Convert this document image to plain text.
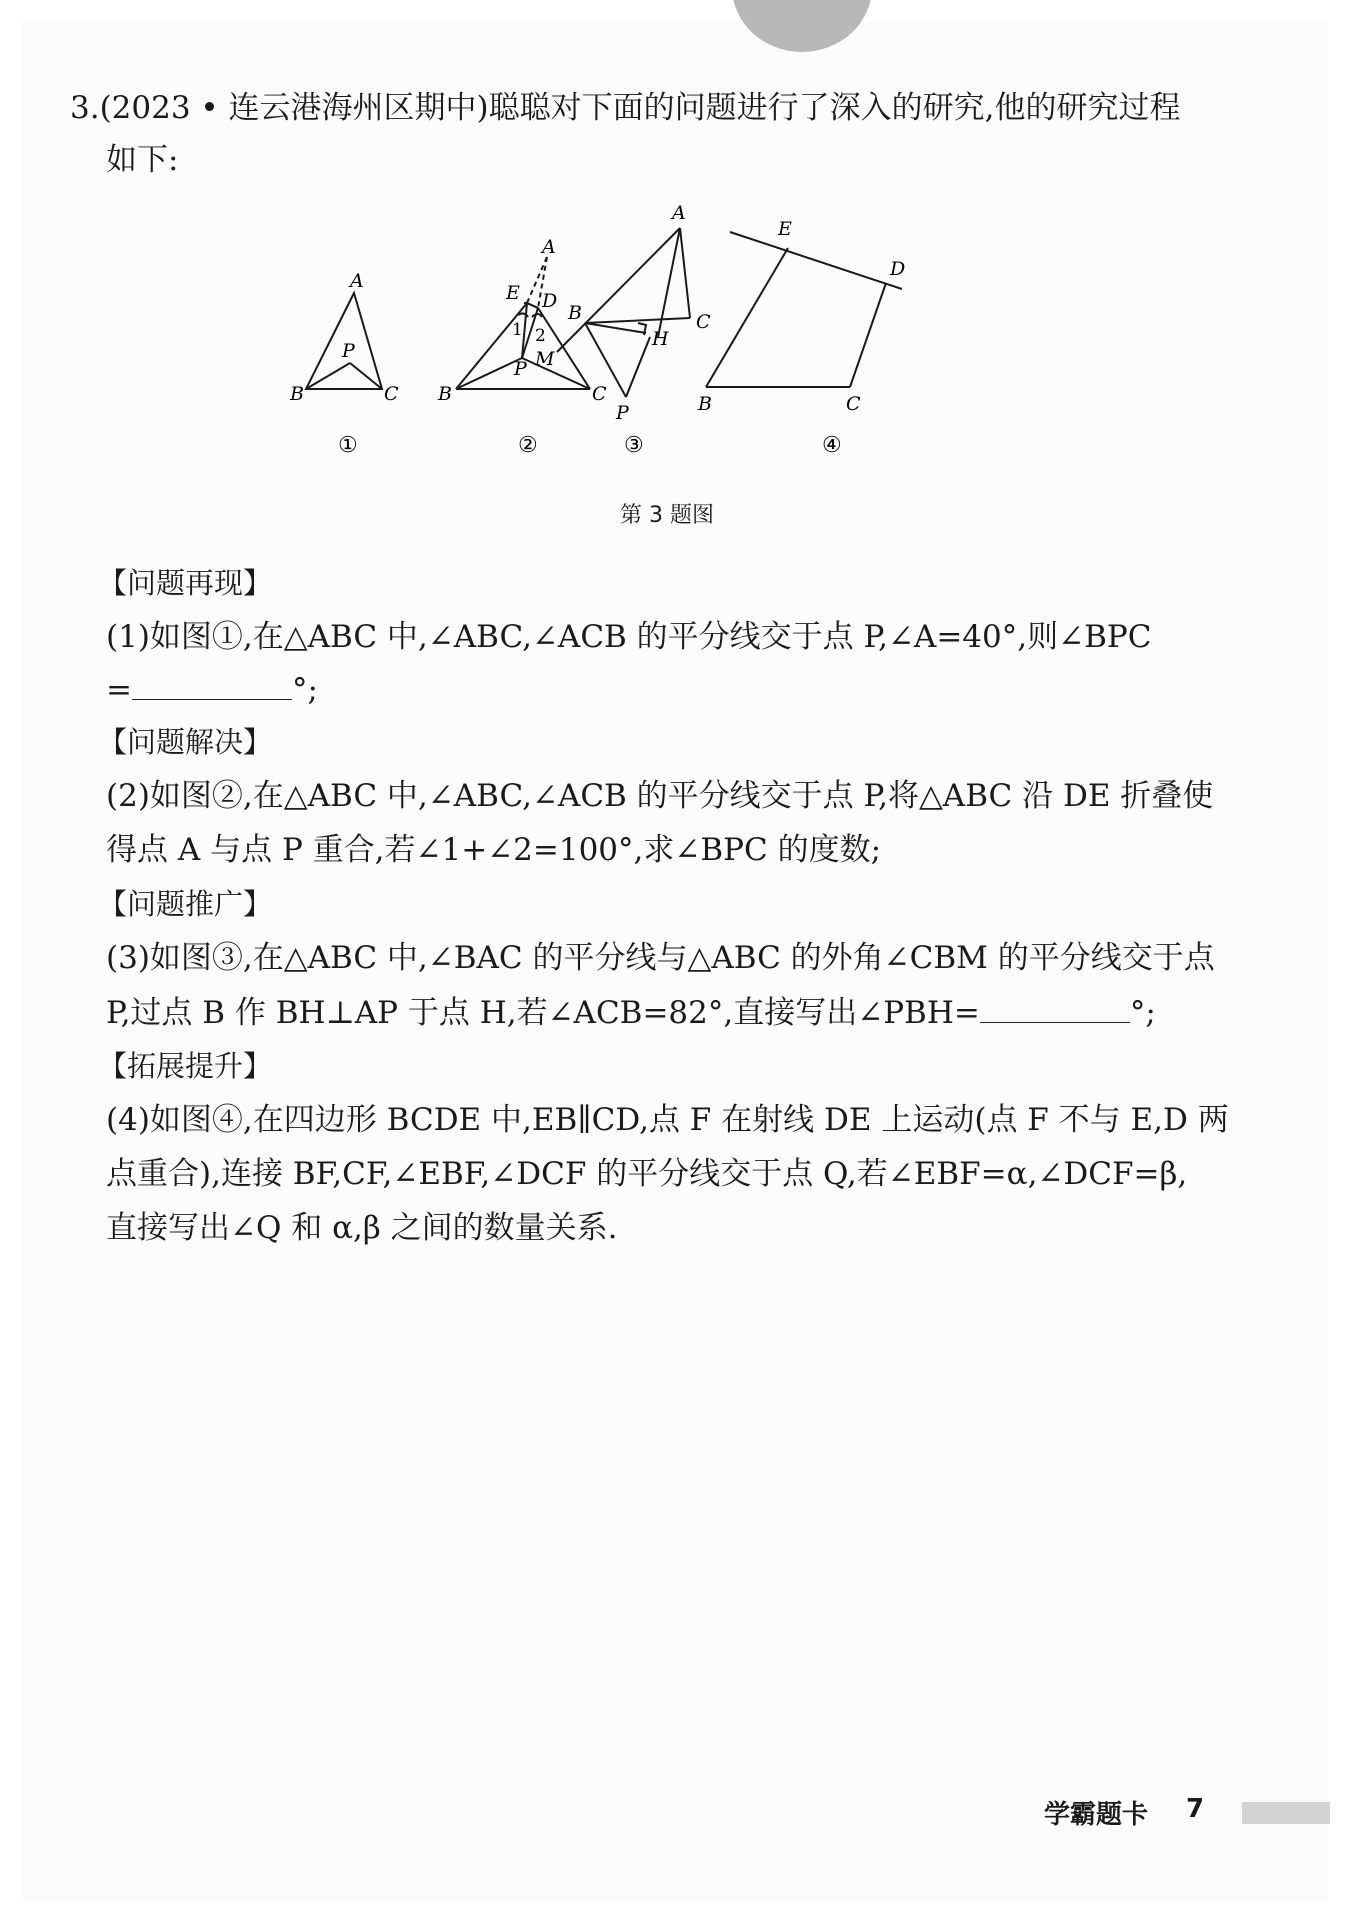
3.(2023 • 连云港海州区期中)聪聪对下面的问题进行了深入的研究,他的研究过程
如下:
A
B	C
P
①
A
B	C
D
E
P
1 2
②
A
B	C
H
M
P
③
E
D
B	C
④
第 3 题图
【问题再现】
(1)如图①,在△ABC 中,∠ABC,∠ACB 的平分线交于点 P,∠A=40°,则∠BPC
=	°;
【问题解决】
(2)如图②,在△ABC 中,∠ABC,∠ACB 的平分线交于点 P,将△ABC 沿 DE 折叠使
得点 A 与点 P 重合,若∠1+∠2=100°,求∠BPC 的度数;
【问题推广】
(3)如图③,在△ABC 中,∠BAC 的平分线与△ABC 的外角∠CBM 的平分线交于点
P,过点 B 作 BH⊥AP 于点 H,若∠ACB=82°,直接写出∠PBH=	°;
【拓展提升】
(4)如图④,在四边形 BCDE 中,EB∥CD,点 F 在射线 DE 上运动(点 F 不与 E,D 两
点重合),连接 BF,CF,∠EBF,∠DCF 的平分线交于点 Q,若∠EBF=α,∠DCF=β,
直接写出∠Q 和 α,β 之间的数量关系.
学霸题卡 7
